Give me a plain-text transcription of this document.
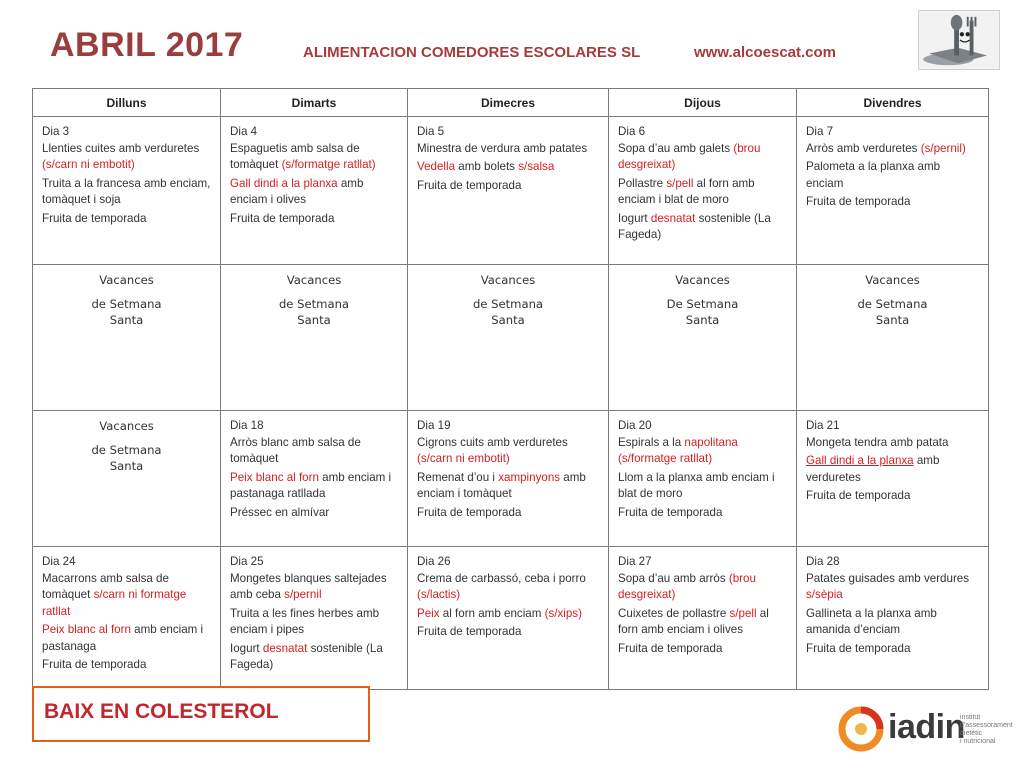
ABRIL 2017	ALIMENTACION COMEDORES ESCOLARES SL	www.alcoescat.com
Dilluns	Dimarts	Dimecres	Dijous	Divendres

Dia 3
Llenties cuites amb verduretes (s/carn ni embotit)
Truita a la francesa amb enciam, tomàquet i soja
Fruita de temporada	Dia 4
Espaguetis amb salsa de tomàquet (s/formatge ratllat)
Gall dindi a la planxa amb enciam i olives
Fruita de temporada	Dia 5
Minestra de verdura amb patates
Vedella amb bolets s/salsa
Fruita de temporada	Dia 6
Sopa d’au amb galets (brou desgreixat)
Pollastre s/pell al forn amb enciam i blat de moro
Iogurt desnatat sostenible (La Fageda)	Dia 7
Arròs amb verduretes (s/pernil)
Palometa a la planxa amb enciam
Fruita de temporada

Vacances
de Setmana
Santa	Vacances
de Setmana
Santa	Vacances
de Setmana
Santa	Vacances
De Setmana
Santa	Vacances
de Setmana
Santa

Vacances
de Setmana
Santa	Dia 18
Arròs blanc amb salsa de tomàquet
Peix blanc al forn amb enciam i pastanaga ratllada
Préssec en almívar	Dia 19
Cigrons cuits amb verduretes (s/carn ni embotit)
Remenat d’ou i xampinyons amb enciam i tomàquet
Fruita de temporada	Dia 20
Espirals a la napolitana (s/formatge ratllat)
Llom a la planxa amb enciam i blat de moro
Fruita de temporada	Dia 21
Mongeta tendra amb patata
Gall dindi a la planxa amb verduretes
Fruita de temporada

Dia 24
Macarrons amb salsa de tomàquet s/carn ni formatge ratllat
Peix blanc al forn amb enciam i pastanaga
Fruita de temporada	Dia 25
Mongetes blanques saltejades amb ceba s/pernil
Truita a les fines herbes amb enciam i pipes
Iogurt desnatat sostenible (La Fageda)	Dia 26
Crema de carbassó, ceba i porro (s/lactis)
Peix al forn amb enciam (s/xips)
Fruita de temporada	Dia 27
Sopa d’au amb arròs (brou desgreixat)
Cuixetes de pollastre s/pell al forn amb enciam i olives
Fruita de temporada	Dia 28
Patates guisades amb verdures s/sèpia
Gallineta a la planxa amb amanida d’enciam
Fruita de temporada
BAIX EN COLESTEROL	iadin
institut
d'assessorament
dietètic
i nutricional
